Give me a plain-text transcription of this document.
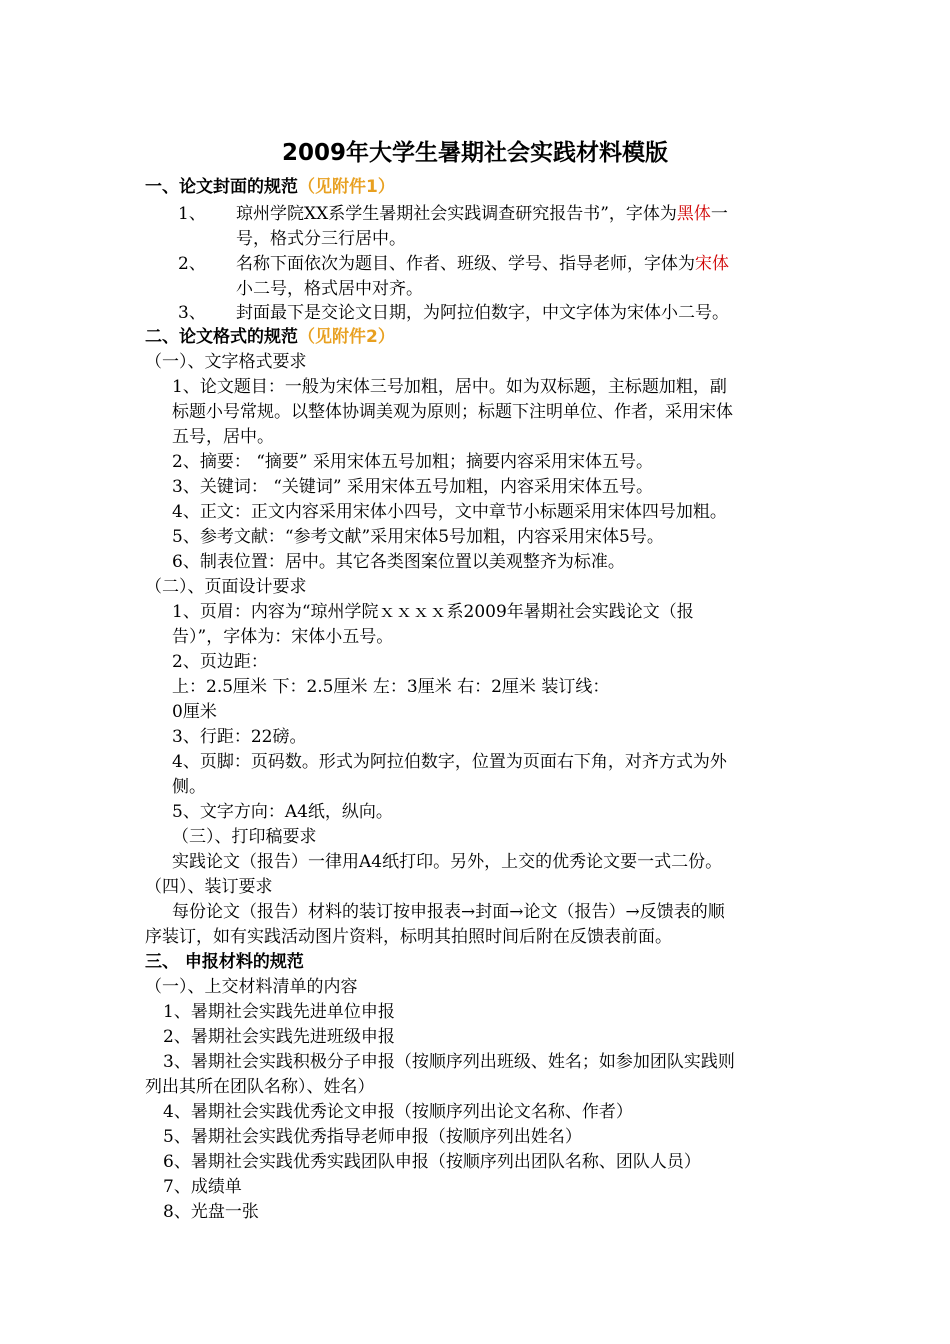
2009年大学生暑期社会实践材料模版
一、论文封面的规范（见附件1）
1、 琼州学院XX系学生暑期社会实践调查研究报告书”，字体为黑体一
号，格式分三行居中。
2、 名称下面依次为题目、作者、班级、学号、指导老师，字体为宋体
小二号，格式居中对齐。
3、 封面最下是交论文日期，为阿拉伯数字，中文字体为宋体小二号。
二、论文格式的规范（见附件2）
（一）、文字格式要求
1、论文题目：一般为宋体三号加粗，居中。如为双标题，主标题加粗，副
标题小号常规。以整体协调美观为原则；标题下注明单位、作者，采用宋体
五号，居中。
2、摘要： “摘要” 采用宋体五号加粗；摘要内容采用宋体五号。
3、关键词： “关键词” 采用宋体五号加粗，内容采用宋体五号。
4、正文：正文内容采用宋体小四号，文中章节小标题采用宋体四号加粗。
5、参考文献：“参考文献”采用宋体5号加粗，内容采用宋体5号。
6、制表位置：居中。其它各类图案位置以美观整齐为标准。
（二）、页面设计要求
1、页眉：内容为“琼州学院ｘｘｘｘ系2009年暑期社会实践论文（报
告）”，字体为：宋体小五号。
2、页边距：
上：2.5厘米 下：2.5厘米 左：3厘米 右：2厘米 装订线：
0厘米
3、行距：22磅。
4、页脚：页码数。形式为阿拉伯数字，位置为页面右下角，对齐方式为外
侧。
5、文字方向：A4纸，纵向。
（三）、打印稿要求
实践论文（报告）一律用A4纸打印。另外，上交的优秀论文要一式二份。
（四）、装订要求
每份论文（报告）材料的装订按申报表→封面→论文（报告）→反馈表的顺
序装订，如有实践活动图片资料，标明其拍照时间后附在反馈表前面。
三、 申报材料的规范
（一）、上交材料清单的内容
1、暑期社会实践先进单位申报
2、暑期社会实践先进班级申报
3、暑期社会实践积极分子申报（按顺序列出班级、姓名；如参加团队实践则
列出其所在团队名称）、姓名）
4、暑期社会实践优秀论文申报（按顺序列出论文名称、作者）
5、暑期社会实践优秀指导老师申报（按顺序列出姓名）
6、暑期社会实践优秀实践团队申报（按顺序列出团队名称、团队人员）
7、成绩单
8、光盘一张
